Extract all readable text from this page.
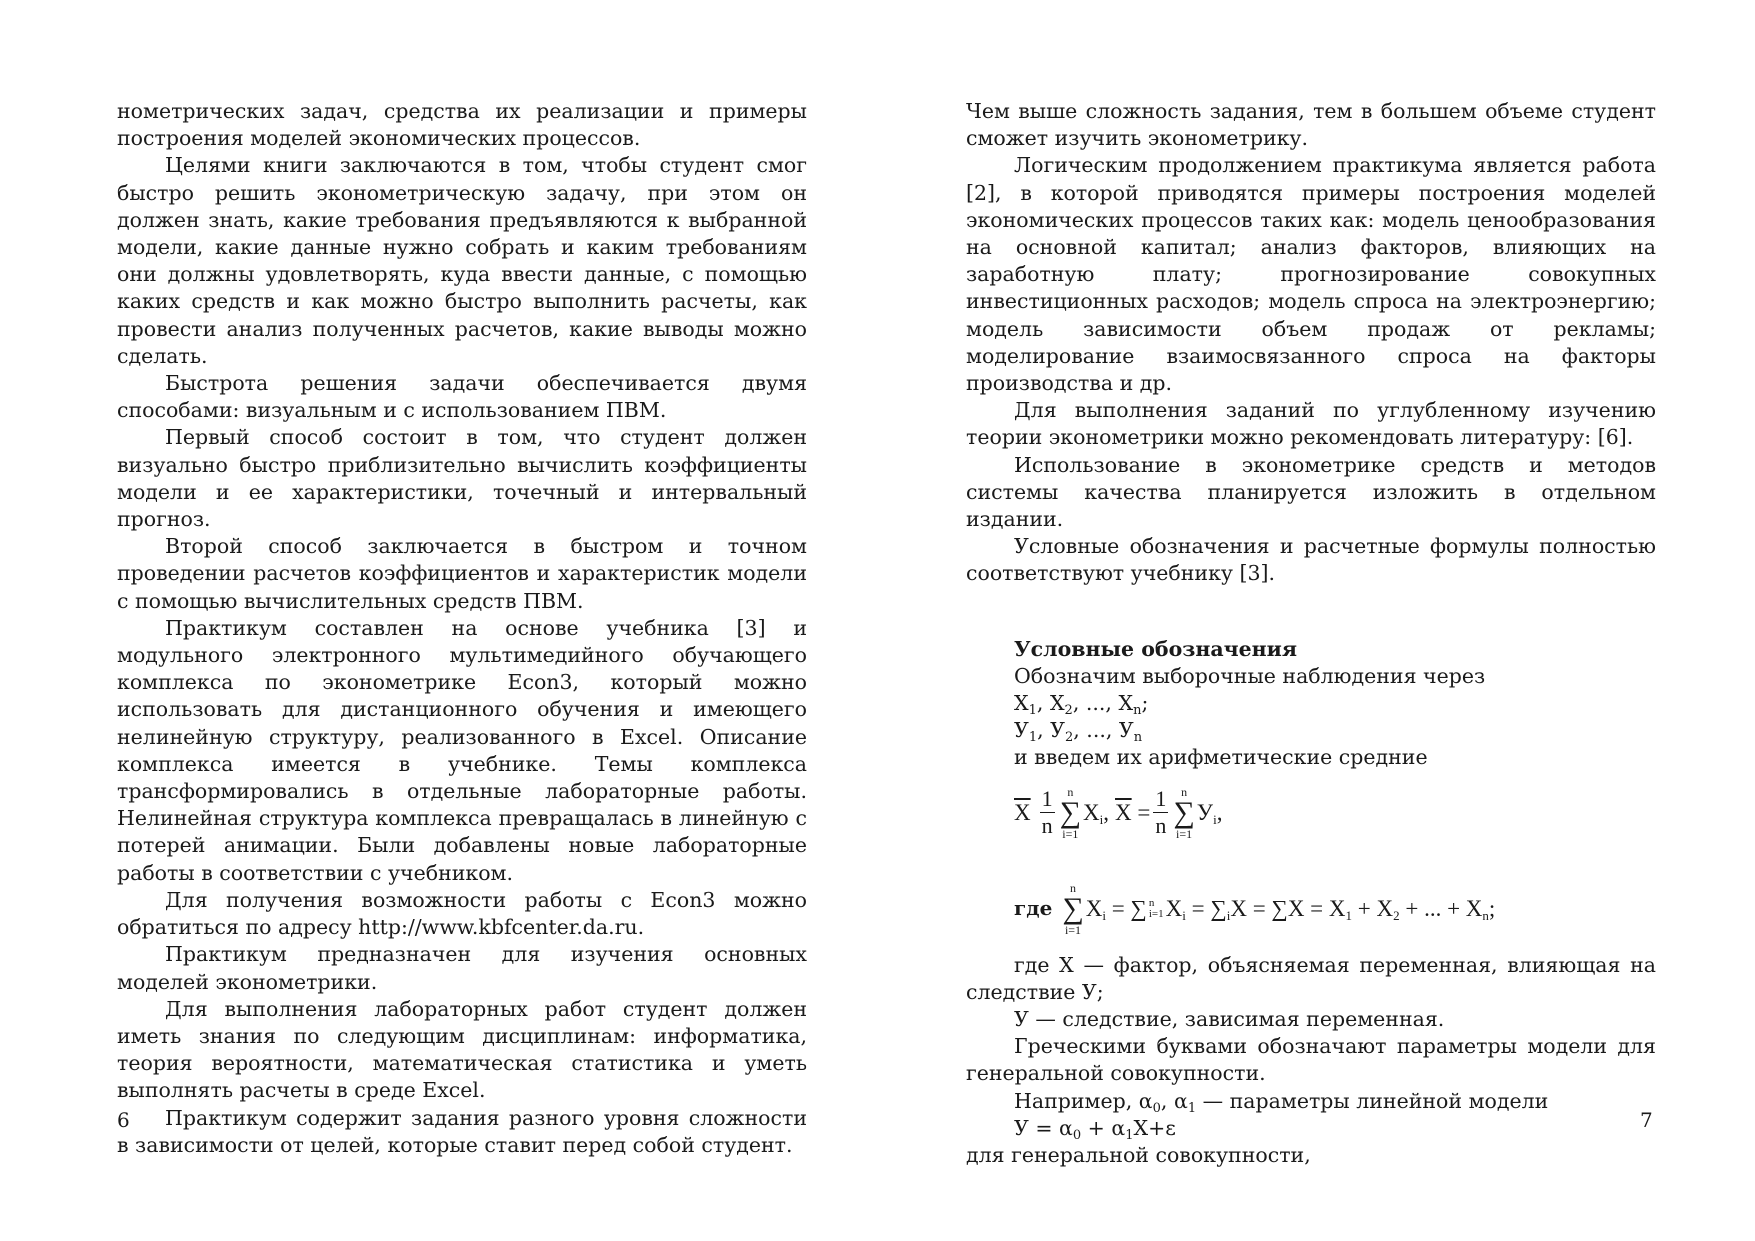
нометрических задач, средства их реализации и примеры построения моделей экономических процессов.

Целями книги заключаются в том, чтобы студент смог быстро решить эконометрическую задачу, при этом он должен знать, какие требования предъявляются к выбранной модели, какие данные нужно собрать и каким требованиям они должны удовлетворять, куда ввести данные, с помощью каких средств и как можно быстро выполнить расчеты, как провести анализ полученных расчетов, какие выводы можно сделать.

Быстрота решения задачи обеспечивается двумя способами: визуальным и с использованием ПВМ.

Первый способ состоит в том, что студент должен визуально быстро приблизительно вычислить коэффициенты модели и ее характеристики, точечный и интервальный прогноз.

Второй способ заключается в быстром и точном проведении расчетов коэффициентов и характеристик модели с помощью вычислительных средств ПВМ.

Практикум составлен на основе учебника [3] и модульного электронного мультимедийного обучающего комплекса по эконометрике Econ3, который можно использовать для дистанционного обучения и имеющего нелинейную структуру, реализованного в Excel. Описание комплекса имеется в учебнике. Темы комплекса трансформировались в отдельные лабораторные работы. Нелинейная структура комплекса превращалась в линейную с потерей анимации. Были добавлены новые лабораторные работы в соответствии с учебником.

Для получения возможности работы с Econ3 можно обратиться по адресу http://www.kbfcenter.da.ru.

Практикум предназначен для изучения основных моделей эконометрики.

Для выполнения лабораторных работ студент должен иметь знания по следующим дисциплинам: информатика, теория вероятности, математическая статистика и уметь выполнять расчеты в среде Excel.

Практикум содержит задания разного уровня сложности в зависимости от целей, которые ставит перед собой студент.

6

Чем выше сложность задания, тем в большем объеме студент сможет изучить эконометрику.

Логическим продолжением практикума является работа [2], в которой приводятся примеры построения моделей экономических процессов таких как: модель ценообразования на основной капитал; анализ факторов, влияющих на заработную плату; прогнозирование совокупных инвестиционных расходов; модель спроса на электроэнергию; модель зависимости объем продаж от рекламы; моделирование взаимосвязанного спроса на факторы производства и др.

Для выполнения заданий по углубленному изучению теории эконометрики можно рекомендовать литературу: [6].

Использование в эконометрике средств и методов системы качества планируется изложить в отдельном издании.

Условные обозначения и расчетные формулы полностью соответствуют учебнику [3].

Условные обозначения

Обозначим выборочные наблюдения через

$X_1$, $X_2$, ..., $X_n$;

$У_1$, $У_2$, ..., $У_n$

и введем их арифметические средние

$\overline{X} \frac{1}{n}$ n
∑
i=1
$X_i$, $\overline{X} = \frac{1}{n}$ n
∑
i=1
$У_i$,
где
n
∑
i=1
$X_i$ = ∑ n
i=1 $X_i = \sum_iX = \sum X = X_1 + X_2$ + ... + $X_n$;

где X — фактор, объясняемая переменная, влияющая на следствие У;

У — следствие, зависимая переменная.

Греческими буквами обозначают параметры модели для генеральной совокупности.

Например, $\alpha_0$, $\alpha_1$ — параметры линейной модели

$У = \alpha_0 + \alpha_1X+\varepsilon$

для генеральной совокупности,

7
